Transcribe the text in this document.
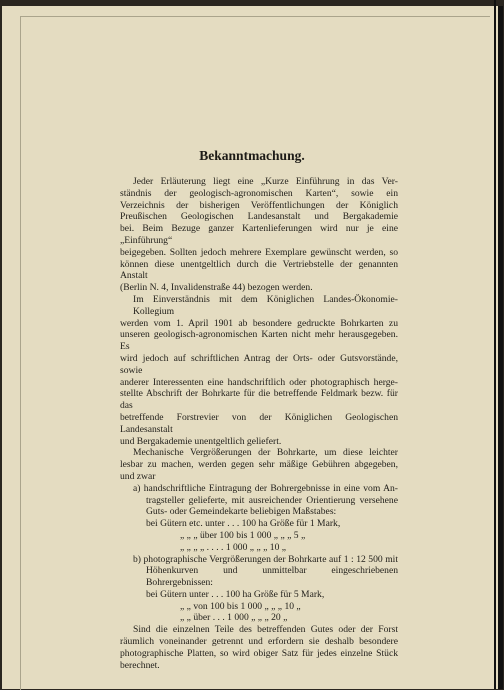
Bekanntmachung.
Jeder Erläuterung liegt eine „Kurze Einführung in das Ver-
ständnis der geologisch-agronomischen Karten“, sowie ein
Verzeichnis der bisherigen Veröffentlichungen der Königlich
Preußischen Geologischen Landesanstalt und Bergakademie
bei. Beim Bezuge ganzer Kartenlieferungen wird nur je eine „Einführung“
beigegeben. Sollten jedoch mehrere Exemplare gewünscht werden, so
können diese unentgeltlich durch die Vertriebstelle der genannten Anstalt
(Berlin N. 4, Invalidenstraße 44) bezogen werden.
Im Einverständnis mit dem Königlichen Landes-Ökonomie-Kollegium
werden vom 1. April 1901 ab besondere gedruckte Bohrkarten zu
unseren geologisch-agronomischen Karten nicht mehr herausgegeben. Es
wird jedoch auf schriftlichen Antrag der Orts- oder Gutsvorstände, sowie
anderer Interessenten eine handschriftlich oder photographisch herge-
stellte Abschrift der Bohrkarte für die betreffende Feldmark bezw. für das
betreffende Forstrevier von der Königlichen Geologischen Landesanstalt
und Bergakademie unentgeltlich geliefert.
Mechanische Vergrößerungen der Bohrkarte, um diese leichter
lesbar zu machen, werden gegen sehr mäßige Gebühren abgegeben,
und zwar
a) handschriftliche Eintragung der Bohrergebnisse in eine vom An-
tragsteller gelieferte, mit ausreichender Orientierung versehene
Guts- oder Gemeindekarte beliebigen Maßstabes:
bei Gütern etc. unter . . . 100 ha Größe für 1 Mark,
„ „ „ über 100 bis 1 000 „ „ „ 5 „
„ „ „ „ . . . . 1 000 „ „ „ 10 „
b) photographische Vergrößerungen der Bohrkarte auf 1 : 12 500 mit
Höhenkurven und unmittelbar eingeschriebenen Bohrergebnissen:
bei Gütern unter . . . 100 ha Größe für 5 Mark,
„ „ von 100 bis 1 000 „ „ „ 10 „
„ „ über . . . 1 000 „ „ „ 20 „
Sind die einzelnen Teile des betreffenden Gutes oder der Forst
räumlich voneinander getrennt und erfordern sie deshalb besondere
photographische Platten, so wird obiger Satz für jedes einzelne Stück
berechnet.
